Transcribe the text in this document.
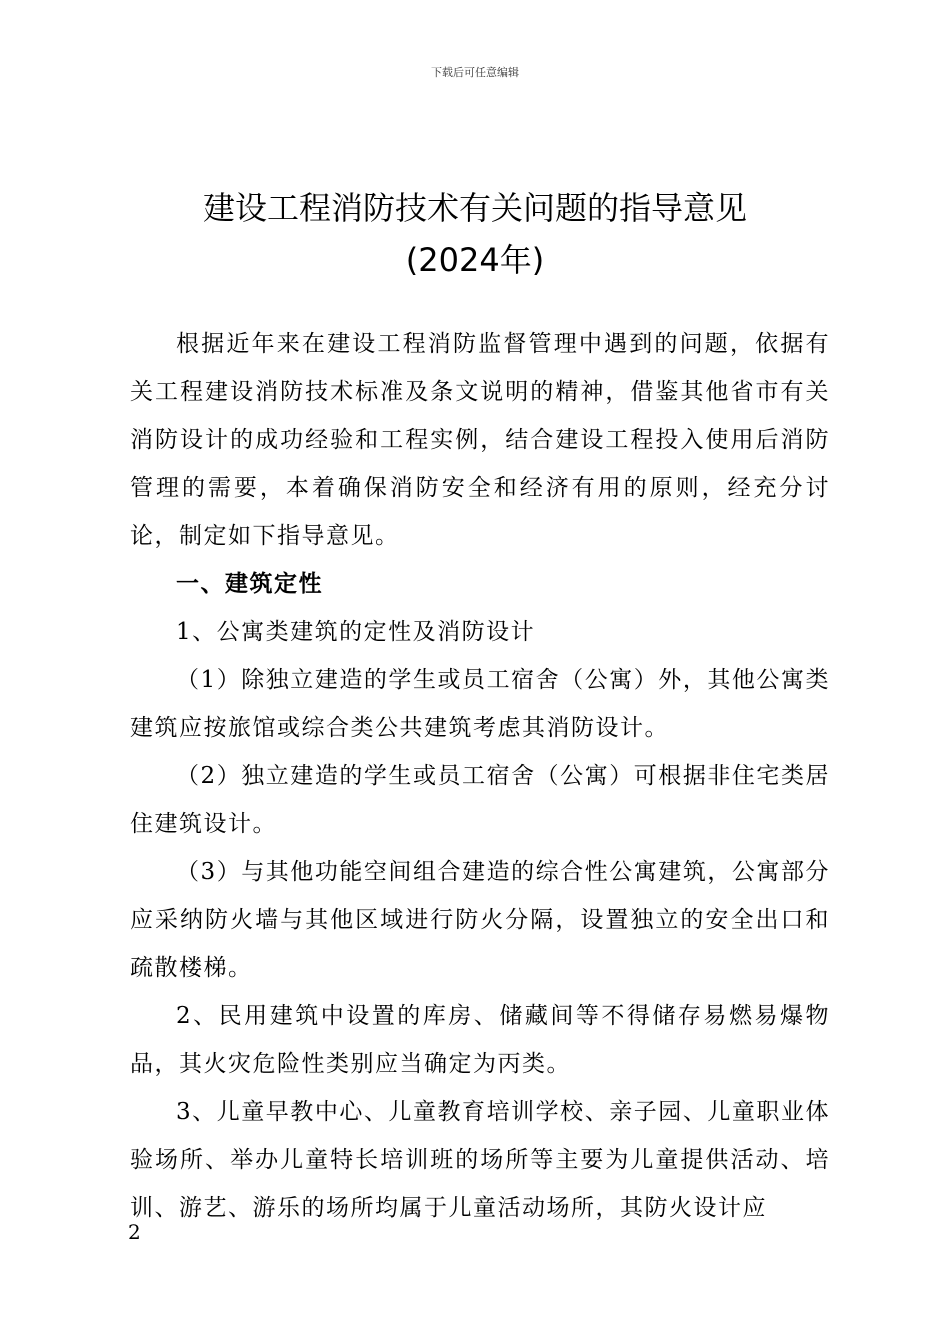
下载后可任意编辑
建设工程消防技术有关问题的指导意见
(2024年)

根据近年来在建设工程消防监督管理中遇到的问题，依据有关工程建设消防技术标准及条文说明的精神，借鉴其他省市有关消防设计的成功经验和工程实例，结合建设工程投入使用后消防管理的需要，本着确保消防安全和经济有用的原则，经充分讨论，制定如下指导意见。

一、建筑定性

1、公寓类建筑的定性及消防设计

（1）除独立建造的学生或员工宿舍（公寓）外，其他公寓类建筑应按旅馆或综合类公共建筑考虑其消防设计。

（2）独立建造的学生或员工宿舍（公寓）可根据非住宅类居住建筑设计。

（3）与其他功能空间组合建造的综合性公寓建筑，公寓部分应采纳防火墙与其他区域进行防火分隔，设置独立的安全出口和疏散楼梯。

2、民用建筑中设置的库房、储藏间等不得储存易燃易爆物品，其火灾危险性类别应当确定为丙类。

3、儿童早教中心、儿童教育培训学校、亲子园、儿童职业体验场所、举办儿童特长培训班的场所等主要为儿童提供活动、培训、游艺、游乐的场所均属于儿童活动场所，其防火设计应

2
